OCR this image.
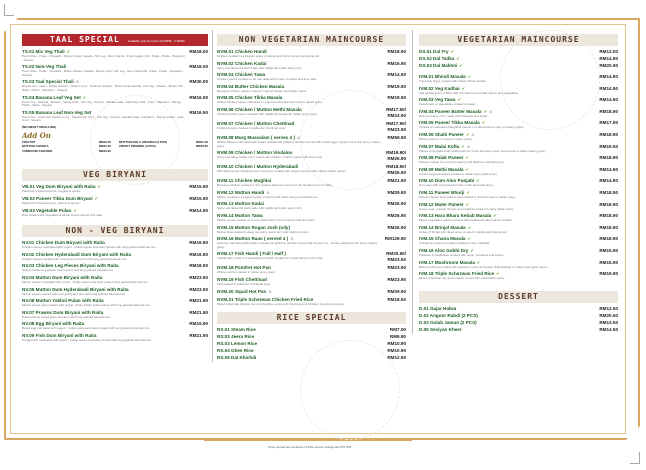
TAAL SPECIAL	Available only for lunch 12.00PM - 2.30PM
TS.01 Mix Veg Thali ✔
Pomri Rice , Pulao , Chapathi , Paneer butter masala , Mix veg , Aloo channa , Fried veggie ,Dal , Raita , Pickle , Papadom , Sweets
RM18.00
TS.02 Non-Veg Thali
Pomri Rice , Pulao , Chapathi , Butter chicken masala , Mutton curry ,Mix veg , aloo chana Dal , Raita , Pickle , Papadom , Sweets
RM18.00
TS.03 Taal Special Thali ♨
Biryani rice , Naan , Butter chicken , Mutton curry , Tandoori chicken , Mutton kola urandai , Mix Veg , Rasam , Butter milk , Raita , Pickle , Papadom , Sweets
RM30.00
TS.04 Banana Leaf Veg Set ✔
Pomri rice , Sambar , Rasam , Sweet fruits , Mix Veg , Poriyal , Masala vada , salted dry chilli , Curd , Papadom , Mango Pickle , Raita , Sweets
RM16.50
TS.05 Banana Leaf Non-Veg Set
Pomri rice , Chettinad chicken curry , Sweets fish curry , Mix Veg , Poriyal , Masala vada , Papadom , Mango Pickle , raita , Curd , Sweets
RM16.50
(NO MEATY REFILLING)
Add On
FISH FRY	RM10.00	MUTTON KOLA URANDAI (2 PCS)	RM11.50
MUTTON CHUKKA	RM15.00	CRISPY PRAWNS (4 PCS)	RM13.50
TANDOORI CHICKEN	RM13.00
VEG BIRYANI
VB.01 Veg Dum Biryani with Raita ✔
Pakid full of flavoured rice, veggies & spices
RM15.90
VB.02 Paneer Tikka Dum Biryani ✔
Pakid full of flavoured rice, paneer & spices
RM15.90
VB.03 Vegetable Pulao ✔
Rice cooked with vegetable & whole spices served with raita
RM14.90
NON - VEG BIRYANI
NV.01 Chicken Dum Biryani with Raita
Chicken pieces marinated with yogurt , Indian spices and slow cooked with long grained basmati rice
RM16.90
NV.02 Chicken Hyderabadi Dum Biryani with Raita
Chicken pieces cooked with mint gravy and dum with long grained basmati rice
RM16.90
NV.03 Chicken Leg Pieces Biryani with Raita
Grilled chicken leg pieces mixed gravy and long grained basmati rice
RM18.90
NV.04 Mutton Dum Biryani with Raita
Mutton pieces marinated with yogurt , Indian spices and slow cooked long grained basmati rice
RM23.90
NV.05 Mutton Dum Hyderabadi Biryani with Raita
Mutton pieces cooked with mint gravy and dum with long grained basmati rice
RM23.90
NV.06 Mutton Yakhni Pulao with Raita
Mutton pieces slow cooked with yogurt, whole Indian spices along with long grained basmati rice
RM21.90
NV.07 Prawns Dum Biryani with Raita
Prawn pieces mixed gravy and dum with long grained basmati rice
RM21.90
NV.08 Egg Biryani with Raita
Boiled egg marinated with yogurt , Indian spices and slow cooked with long grained basmati rice
RM15.90
NV.09 Fish Dum Biryani with Raita
Tenggiri fish marinated with yogurt , Indian spices and slow cooked with long grained basmati rice
RM21.90
NON VEGETARIAN MAINCOURSE
NVM.01 Chicken Handi
Chicken cooked in a fragrant gravy of spices and herbs using a terracotta pot
RM18.90
NVM.02 Chicken Kadai
Spicy and flavourful dish made with traditional Indian spicy curry
RM16.90
NVM.03 Chicken Tawa
Chicken pieces cooked on an iron tawa with a host of spices and lime juice
RM14.90
NVM.04 Butter Chicken Masala
Boneless chicken pieces cooked in spiced tomato and butter sauce
RM19.90
NVM.05 Chicken Tikka Masala
Grilled chicken pieces marinated in yogurt and tomato and creamy based gravy
RM18.90
NVM.06 Chicken / Mutton Methi Masala
Chicken/mutton pieces cooked with traditional fenugreek Indian spicy gravy
RM17.50/
RM24.90
NVM.07 Chicken / Mutton Chettinad
Chicken/mutton cooked in authentic Chettinad style
RM17.90/
RM23.90
NVM.08 Murg Mussalam ( serves 4 ) ♨
Whole chicken marinated with Indian masala and grilled in tandoor served with boiled eggs, biryani rice & rich spicy creamy gravy
RM59.90
NVM.09 Chicken / Mutton Vindaloo
Spicy and tangy Indian curry mixed with chicken / mutton pieces with Goan sop
RM19.90/
RM26.90
NVM.10 Chicken / Mutton Hyderabadi
Marinated tender chicken/mutton and slow cooked with yogurt and aromatic classic Indian spices
RM18.90/
RM26.90
NVM.11 Chicken Mughlai
Boneless chicken cooked in rich creamy delicious curry from the Northern part of India
RM21.90
NVM.12 Mutton Handi ♨
Mutton cooked in a fragrant gravy of spices and herbs using a terracotta pot
RM29.90
NVM.13 Mutton Kadai
Spicy and flavourful dish made with traditional Indian spicy curry
RM26.90
NVM.14 Mutton Tawa
Mutton pieces cooked on an iron tawa with a host of spices and lime juice
RM26.90
NVM.15 Mutton Rogan Josh (oily)
Mutton slow cooked in deep red spicy meat curry with Kashmiri onion
RM26.90
NVM.16 Mutton Raan ( served 4 ) ♨
Goat leg marinated with Indian masala and grilled in tandoor served with biryani rice , House salad and rich spicy creamy gravy
RM129.90
NVM.17 Fish Handi ( Full / Half )
Traditionally made in a terracotta pot which imparts its unique flavour to the dish
RM20.90/
RM23.50
NVM.18 Pomfret Hot Pan
Whole pomfret cooked in Indian spicy gravy
RM23.90
NVM.19 Fish Chettinad
Fish cooked in authentic Chettinad style
RM23.90
NVM.20 Squid Hot Pan ♨	RM29.90
NVM.21 Triple Schezwan Chicken Fried Rice
Mixed schezwan chicken rice and noodles comes with fried egg and Chicken manchurian gravy
RM18.50
RICE SPECIAL
RS.01 Steam Rice	RM7.00
RS.02 Jeera Rice	RM9.90
RS.03 Lemon Rice	RM10.90
RS.04 Ghee Rice	RM10.90
RS.06 Dal Khichdi	RM12.90
VEGETARIAN MAINCOURSE
DS.01 Dal Fry ✔	RM12.00
DS.02 Dal Tadka ✔	RM14.90
DS.03 Dal Makhni ✔	RM20.90
IVM.01 Bhindi Masala ✔
Fried lady finger cooked with Indian bhindi masala
RM14.90
IVM.02 Veg Kadhai ✔
Veg kadhai gravy is filled with rich flavours aromatic spices and vegetables
RM14.90
IVM.03 Veg Tawa ✔
Assortment of vegetables cooked on tawa
RM14.90
IVM.04 Paneer Butter Masala ✔ ♨
Rich & creamy curry made with cashews and butter
RM18.90
IVM.05 Paneer Tikka Masala ✔
Chunks of marinated chargrilled paneer in a flavoursome spicy & creamy gravy
RM17.90
IVM.06 Shahi Paneer ✔ ♨
Pillowy paneer in a sweet creamy gravy
RM18.90
IVM.07 Malai Kofta ✔ ♨
Paneer and potato balls stuffed with dry fruits and deep fried, served over a white creamy gravy
RM19.50
IVM.08 Palak Paneer ✔
Paneer cooked in a smooth creamy and delicious spinach gravy
RM18.90
IVM.09 Methi Masala ✔
Fresh fenugreek leaves cooked in Indian spicy garlic gravy
RM14.90
IVM.10 Dum Aloo Punjabi ✔
Dum aloo with curd based tomato methi flavoured gravy
RM14.90
IVM.11 Paneer Bhurji ✔
Paneer chunks and cashew nuts cooked in rich and creamy Indian gravy
RM18.50
IVM.12 Mater Paneer ✔
Green peas, cottage cheese and potatoes cooked in spicy Indian gravy
RM18.90
IVM.13 Hara Bhara Kebab Masala ✔
Mixed vegetables patties cooked with traditional Indian spices masala
RM18.90
IVM.14 Brinjal Masala ✔
Cubes of brinjal with diced onion cooked in traditional Indian gravy
RM18.90
IVM.15 Chana Masala ✔
Chickpeas cooked in Indian traditional curry / Masala
RM18.90
IVM.16 Aloo Gobhi Dry ✔
Potatoes & Cauliflower cooked with onion ,tomatoes and spices
RM15.90
IVM.17 Mushroom Masala ✔
Button mushroom along with capsicum onion and green chilli sautéed in Indian style garlic sauce
RM15.90
IVM.18 Triple Schezwan Fried Rice ✔
Mixed schezwan rice and noodles comes with manchurian gravy
RM19.90
DESSERT
D.01 Gajar Halwa	RM12.50
D.02 Angoor Rabdi (2 PCS)	RM20.50
D.03 Gulab Jamun (2 PCS)	RM13.50
D.05 Seviyan Kheer	RM14.50
Price quoted are exclusive of 10% service charge and 6% SST
